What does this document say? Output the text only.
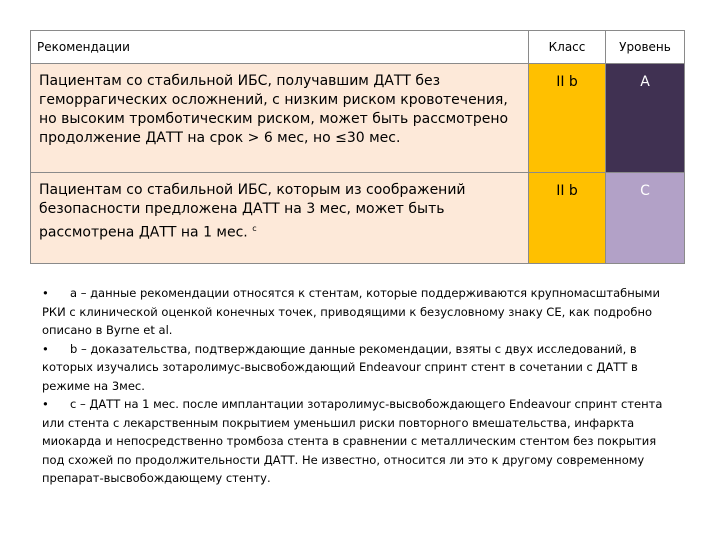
Рекомендации	Класс	Уровень

Пациентам со стабильной ИБС, получавшим ДАТТ без геморрагических осложнений, с низким риском кровотечения, но высоким тромботическим риском, может быть рассмотрено продолжение ДАТТ на срок > 6 мес, но ≤30 мес.	II b	A

Пациентам со стабильной ИБС, которым из соображений безопасности предложена ДАТТ на 3 мес, может быть рассмотрена ДАТТ на 1 мес. $^c$	II b	C

• a – данные рекомендации относятся к стентам, которые поддерживаются крупномасштабными РКИ с клинической оценкой конечных точек, приводящими к безусловному знаку CE, как подробно описано в Byrne et al.

• b – доказательства, подтверждающие данные рекомендации, взяты с двух исследований, в которых изучались зотаролимус-высвобождающий Endeavour спринт стент в сочетании с ДАТТ в режиме на 3мес.

• с – ДАТТ на 1 мес. после имплантации зотаролимус-высвобождающего Endeavour спринт стента или стента с лекарственным покрытием уменьшил риски повторного вмешательства, инфаркта миокарда и непосредственно тромбоза стента в сравнении с металлическим стентом без покрытия под схожей по продолжительности ДАТТ. Не известно, относится ли это к другому современному препарат-высвобождающему стенту.
